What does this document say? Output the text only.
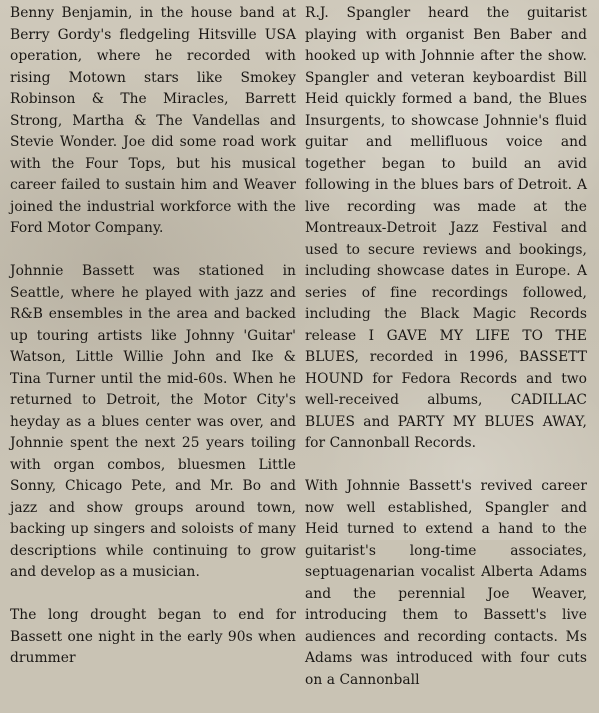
Benny Benjamin, in the house band at Berry Gordy's fledgeling Hitsville USA operation, where he recorded with rising Motown stars like Smokey Robinson & The Miracles, Barrett Strong, Martha & The Vandellas and Stevie Wonder. Joe did some road work with the Four Tops, but his musical career failed to sustain him and Weaver joined the industrial workforce with the Ford Motor Company.

Johnnie Bassett was stationed in Seattle, where he played with jazz and R&B ensembles in the area and backed up touring artists like Johnny 'Guitar' Watson, Little Willie John and Ike & Tina Turner until the mid-60s. When he returned to Detroit, the Motor City's heyday as a blues center was over, and Johnnie spent the next 25 years toiling with organ combos, bluesmen Little Sonny, Chicago Pete, and Mr. Bo and jazz and show groups around town, backing up singers and soloists of many descriptions while continuing to grow and develop as a musician.

The long drought began to end for Bassett one night in the early 90s when drummer

R.J. Spangler heard the guitarist playing with organist Ben Baber and hooked up with Johnnie after the show. Spangler and veteran keyboardist Bill Heid quickly formed a band, the Blues Insurgents, to showcase Johnnie's fluid guitar and mellifluous voice and together began to build an avid following in the blues bars of Detroit. A live recording was made at the Montreaux-Detroit Jazz Festival and used to secure reviews and bookings, including showcase dates in Europe. A series of fine recordings followed, including the Black Magic Records release I GAVE MY LIFE TO THE BLUES, recorded in 1996, BASSETT HOUND for Fedora Records and two well-received albums, CADILLAC BLUES and PARTY MY BLUES AWAY, for Cannonball Records.

With Johnnie Bassett's revived career now well established, Spangler and Heid turned to extend a hand to the guitarist's long-time associates, septuagenarian vocalist Alberta Adams and the perennial Joe Weaver, introducing them to Bassett's live audiences and recording contacts. Ms Adams was introduced with four cuts on a Cannonball
